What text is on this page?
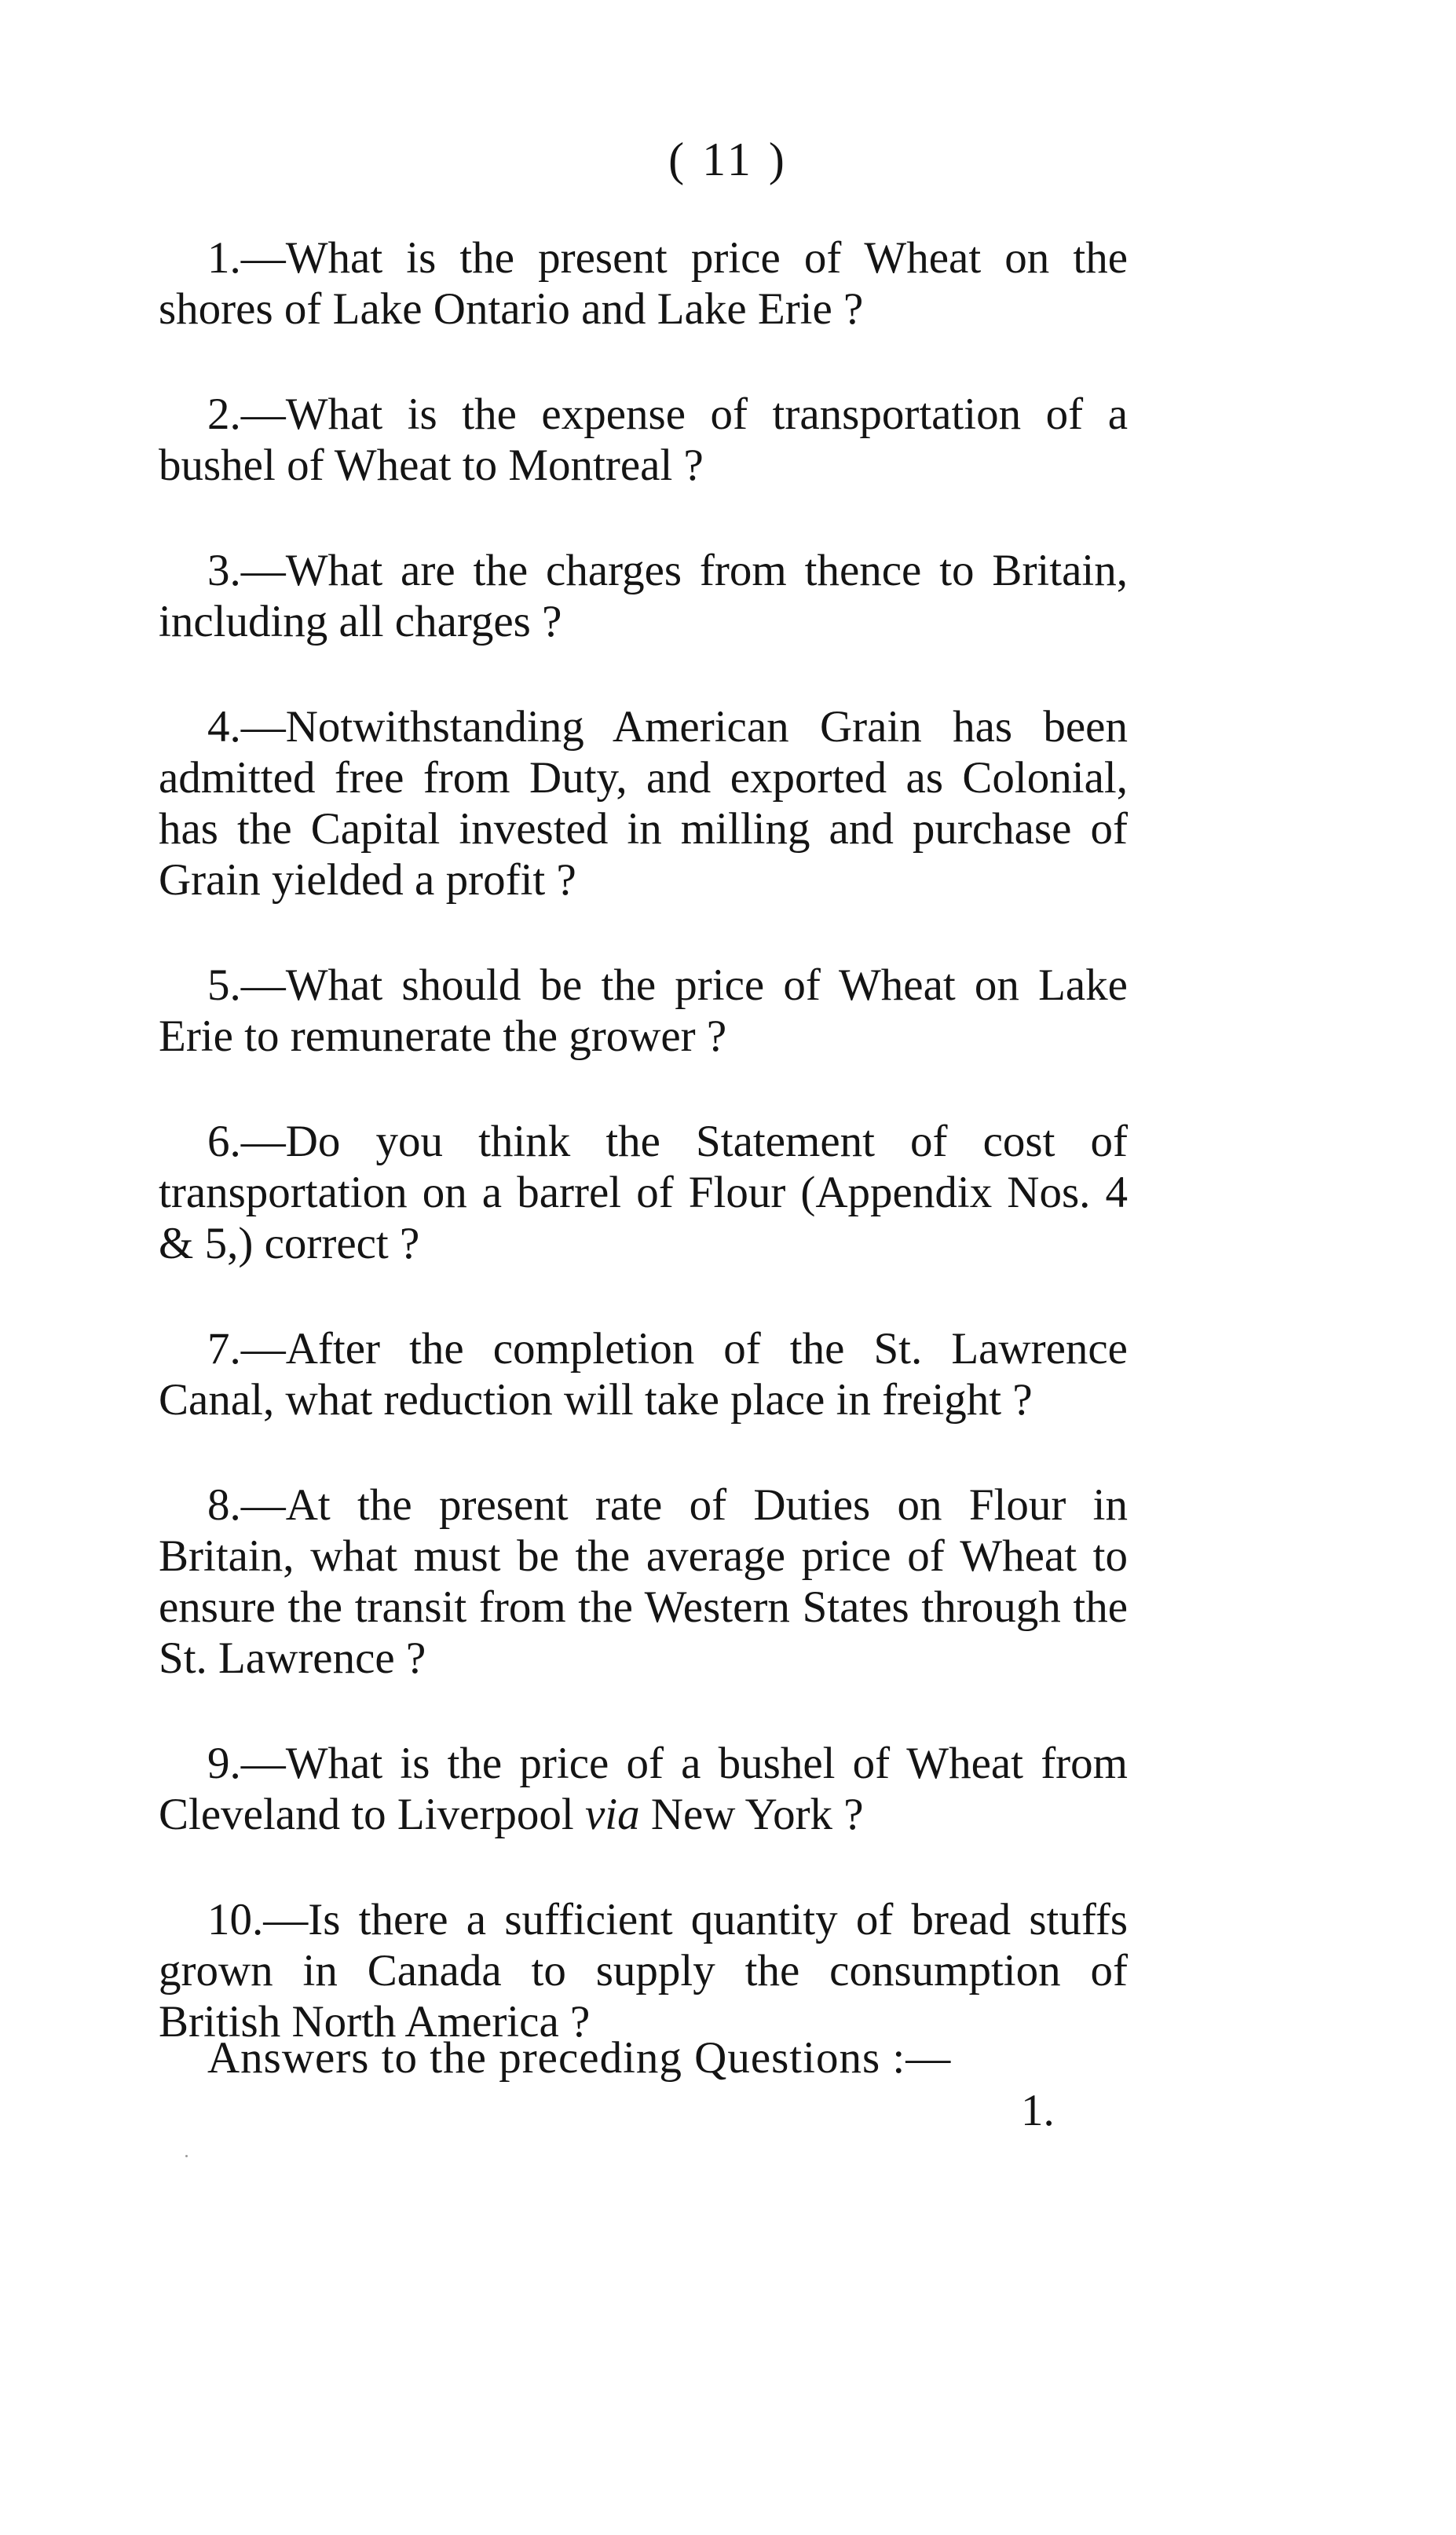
( 11 )

1.—What is the present price of Wheat on the shores of Lake Ontario and Lake Erie ?

2.—What is the expense of transportation of a bushel of Wheat to Montreal ?

3.—What are the charges from thence to Britain, including all charges ?

4.—Notwithstanding American Grain has been admitted free from Duty, and exported as Colonial, has the Capital invested in milling and purchase of Grain yielded a profit ?

5.—What should be the price of Wheat on Lake Erie to remunerate the grower ?

6.—Do you think the Statement of cost of transportation on a barrel of Flour (Appendix Nos. 4 & 5,) correct ?

7.—After the completion of the St. Lawrence Canal, what reduction will take place in freight ?

8.—At the present rate of Duties on Flour in Britain, what must be the average price of Wheat to ensure the transit from the Western States through the St. Lawrence ?

9.—What is the price of a bushel of Wheat from Cleveland to Liverpool via New York ?

10.—Is there a sufficient quantity of bread stuffs grown in Canada to supply the consumption of British North America ?

Answers to the preceding Questions :—
1.
